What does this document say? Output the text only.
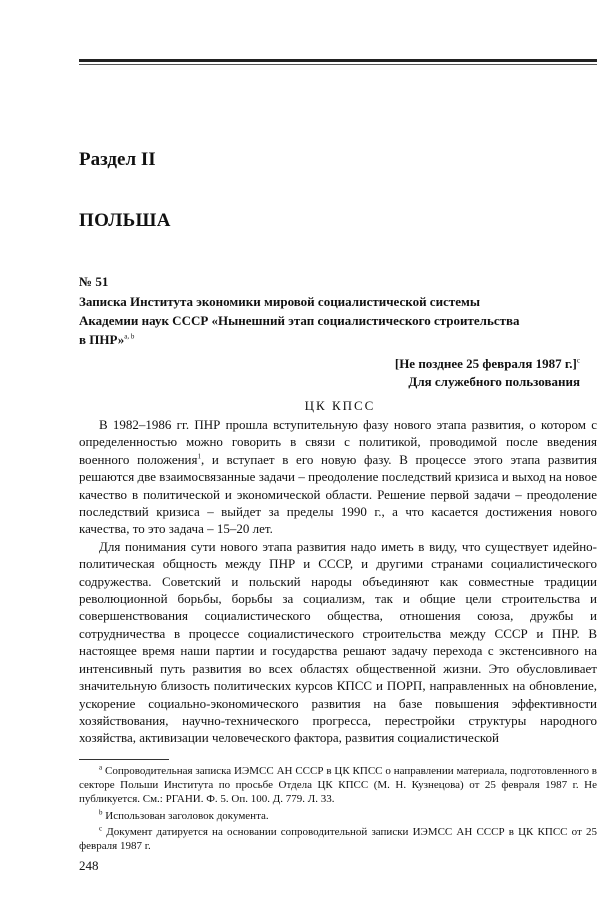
Раздел II
ПОЛЬША
№ 51
Записка Института экономики мировой социалистической системы
Академии наук СССР «Нынешний этап социалистического строительства
в ПНР»$^{а, b}$
[Не позднее 25 февраля 1987 г.]$^с$
Для служебного пользования
ЦК КПСС

В 1982–1986 гг. ПНР прошла вступительную фазу нового этапа развития, о котором с определенностью можно говорить в связи с политикой, проводимой после введения военного положения$^1$, и вступает в его новую фазу. В процессе этого этапа развития решаются две взаимосвязанные задачи – преодоление последствий кризиса и выход на новое качество в политической и экономической области. Решение первой задачи – преодоление последствий кризиса – выйдет за пределы 1990 г., а что касается достижения нового качества, то это задача – 15–20 лет.

Для понимания сути нового этапа развития надо иметь в виду, что существует идейно-политическая общность между ПНР и СССР, и другими странами социалистического содружества. Советский и польский народы объединяют как совместные традиции революционной борьбы, борьбы за социализм, так и общие цели строительства и совершенствования социалистического общества, отношения союза, дружбы и сотрудничества в процессе социалистического строительства между СССР и ПНР. В настоящее время наши партии и государства решают задачу перехода с экстенсивного на интенсивный путь развития во всех областях общественной жизни. Это обусловливает значительную близость политических курсов КПСС и ПОРП, направленных на обновление, ускорение социально-экономического развития на базе повышения эффективности хозяйствования, научно-технического прогресса, перестройки структуры народного хозяйства, активизации человеческого фактора, развития социалистической

$^a$ Сопроводительная записка ИЭМСС АН СССР в ЦК КПСС о направлении материала, подготовленного в секторе Польши Института по просьбе Отдела ЦК КПСС (М. Н. Кузнецова) от 25 февраля 1987 г. Не публикуется. См.: РГАНИ. Ф. 5. Оп. 100. Д. 779. Л. 33.

$^b$ Использован заголовок документа.

$^с$ Документ датируется на основании сопроводительной записки ИЭМСС АН СССР в ЦК КПСС от 25 февраля 1987 г.

248
